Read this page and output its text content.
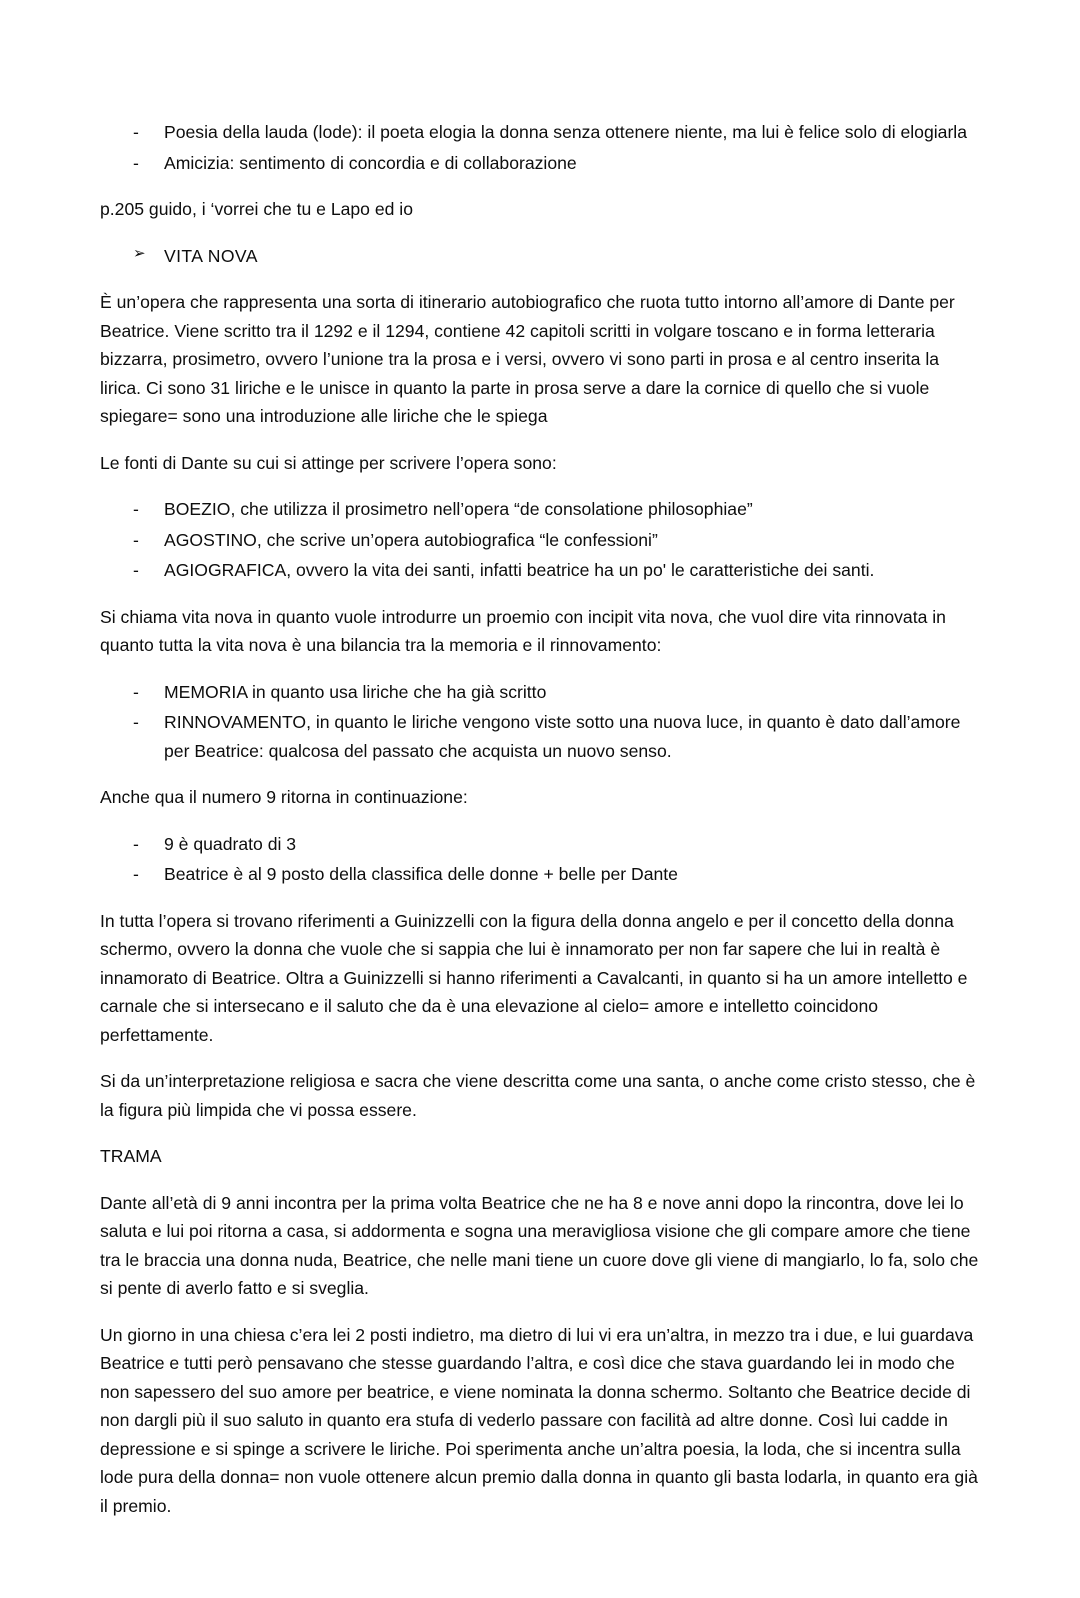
- Poesia della lauda (lode): il poeta elogia la donna senza ottenere niente, ma lui è felice solo di elogiarla
- Amicizia: sentimento di concordia e di collaborazione

p.205 guido, i ‘vorrei che tu e Lapo ed io

➢ VITA NOVA

È un’opera che rappresenta una sorta di itinerario autobiografico che ruota tutto intorno all’amore di Dante per Beatrice. Viene scritto tra il 1292 e il 1294, contiene 42 capitoli scritti in volgare toscano e in forma letteraria bizzarra, prosimetro, ovvero l’unione tra la prosa e i versi, ovvero vi sono parti in prosa e al centro inserita la lirica. Ci sono 31 liriche e le unisce in quanto la parte in prosa serve a dare la cornice di quello che si vuole spiegare= sono una introduzione alle liriche che le spiega

Le fonti di Dante su cui si attinge per scrivere l’opera sono:

- BOEZIO, che utilizza il prosimetro nell’opera “de consolatione philosophiae”
- AGOSTINO, che scrive un’opera autobiografica “le confessioni”
- AGIOGRAFICA, ovvero la vita dei santi, infatti beatrice ha un po' le caratteristiche dei santi.

Si chiama vita nova in quanto vuole introdurre un proemio con incipit vita nova, che vuol dire vita rinnovata in quanto tutta la vita nova è una bilancia tra la memoria e il rinnovamento:

- MEMORIA in quanto usa liriche che ha già scritto
- RINNOVAMENTO, in quanto le liriche vengono viste sotto una nuova luce, in quanto è dato dall’amore per Beatrice: qualcosa del passato che acquista un nuovo senso.

Anche qua il numero 9 ritorna in continuazione:

- 9 è quadrato di 3
- Beatrice è al 9 posto della classifica delle donne + belle per Dante

In tutta l’opera si trovano riferimenti a Guinizzelli con la figura della donna angelo e per il concetto della donna schermo, ovvero la donna che vuole che si sappia che lui è innamorato per non far sapere che lui in realtà è innamorato di Beatrice. Oltra a Guinizzelli si hanno riferimenti a Cavalcanti, in quanto si ha un amore intelletto e carnale che si intersecano e il saluto che da è una elevazione al cielo= amore e intelletto coincidono perfettamente.

Si da un’interpretazione religiosa e sacra che viene descritta come una santa, o anche come cristo stesso, che è la figura più limpida che vi possa essere.

TRAMA

Dante all’età di 9 anni incontra per la prima volta Beatrice che ne ha 8 e nove anni dopo la rincontra, dove lei lo saluta e lui poi ritorna a casa, si addormenta e sogna una meravigliosa visione che gli compare amore che tiene tra le braccia una donna nuda, Beatrice, che nelle mani tiene un cuore dove gli viene di mangiarlo, lo fa, solo che si pente di averlo fatto e si sveglia.

Un giorno in una chiesa c’era lei 2 posti indietro, ma dietro di lui vi era un’altra, in mezzo tra i due, e lui guardava Beatrice e tutti però pensavano che stesse guardando l’altra, e così dice che stava guardando lei in modo che non sapessero del suo amore per beatrice, e viene nominata la donna schermo. Soltanto che Beatrice decide di non dargli più il suo saluto in quanto era stufa di vederlo passare con facilità ad altre donne. Così lui cadde in depressione e si spinge a scrivere le liriche. Poi sperimenta anche un’altra poesia, la loda, che si incentra sulla lode pura della donna= non vuole ottenere alcun premio dalla donna in quanto gli basta lodarla, in quanto era già il premio.
